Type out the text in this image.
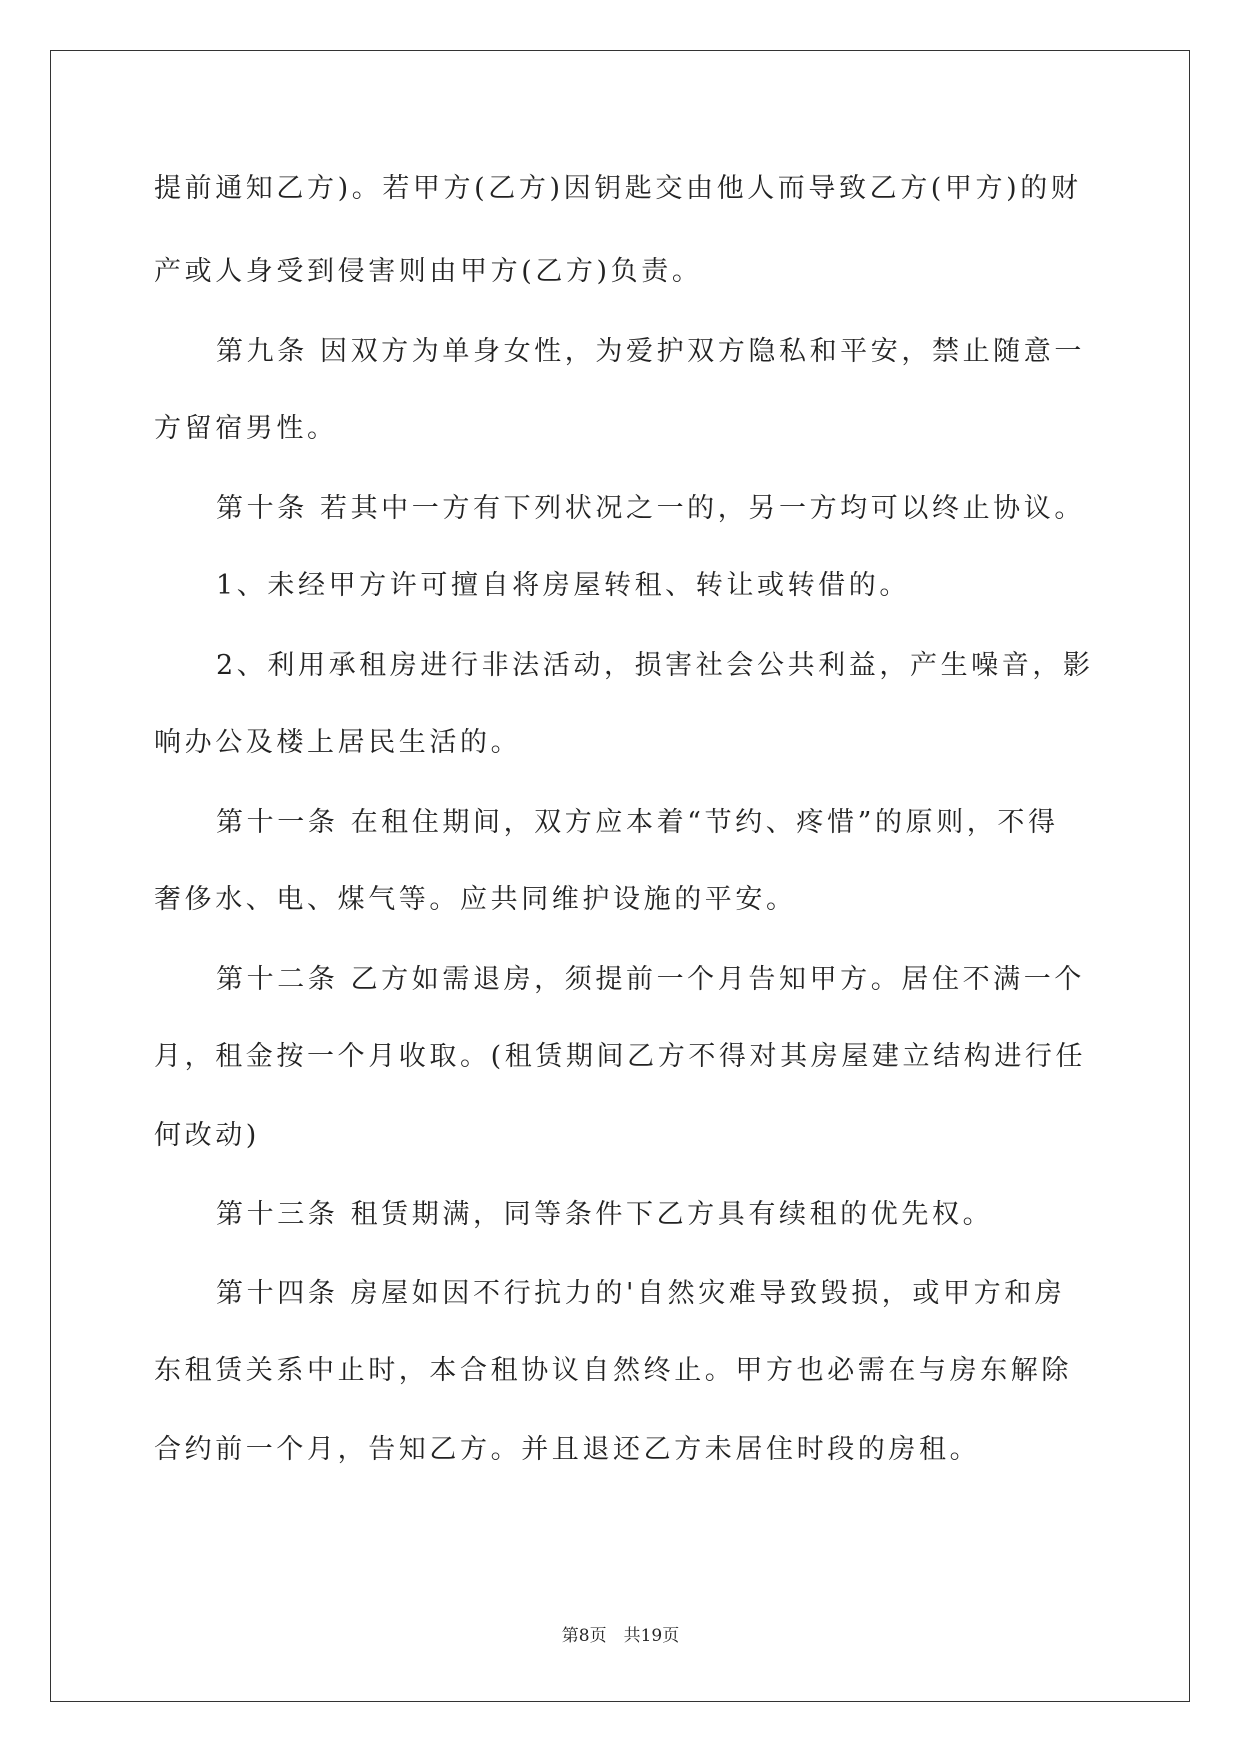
提前通知乙方)。若甲方(乙方)因钥匙交由他人而导致乙方(甲方)的财

产或人身受到侵害则由甲方(乙方)负责。

第九条 因双方为单身女性，为爱护双方隐私和平安，禁止随意一

方留宿男性。

第十条 若其中一方有下列状况之一的，另一方均可以终止协议。

1、未经甲方许可擅自将房屋转租、转让或转借的。

2、利用承租房进行非法活动，损害社会公共利益，产生噪音，影

响办公及楼上居民生活的。

第十一条 在租住期间，双方应本着“节约、疼惜”的原则，不得

奢侈水、电、煤气等。应共同维护设施的平安。

第十二条 乙方如需退房，须提前一个月告知甲方。居住不满一个

月，租金按一个月收取。(租赁期间乙方不得对其房屋建立结构进行任

何改动)

第十三条 租赁期满，同等条件下乙方具有续租的优先权。

第十四条 房屋如因不行抗力的'自然灾难导致毁损，或甲方和房

东租赁关系中止时，本合租协议自然终止。甲方也必需在与房东解除

合约前一个月，告知乙方。并且退还乙方未居住时段的房租。

第8页　共19页
